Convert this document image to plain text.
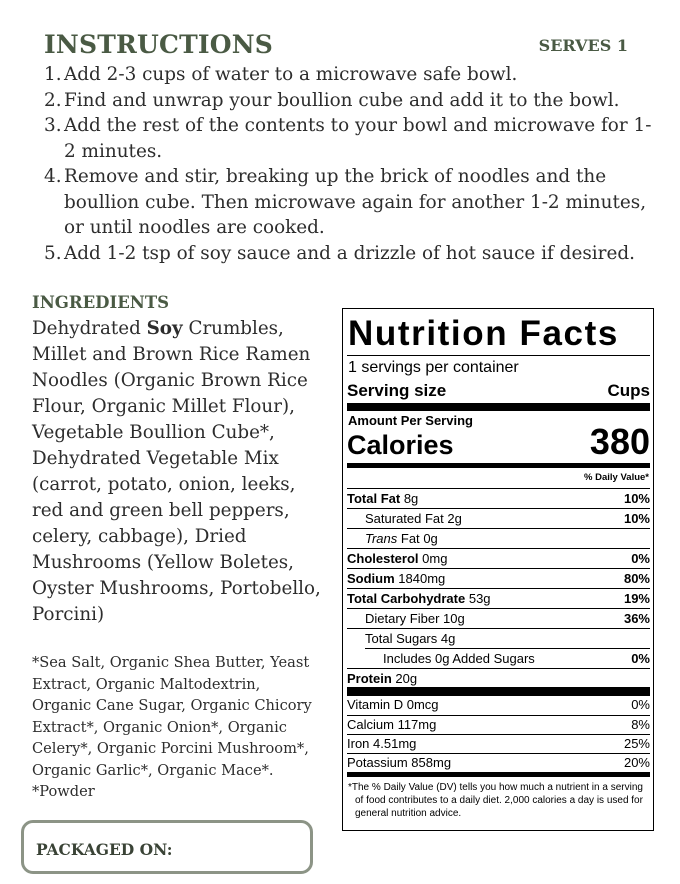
INSTRUCTIONS	SERVES 1
1. Add 2-3 cups of water to a microwave safe bowl.
2. Find and unwrap your boullion cube and add it to the bowl.
3. Add the rest of the contents to your bowl and microwave for 1-2 minutes.
4. Remove and stir, breaking up the brick of noodles and the boullion cube. Then microwave again for another 1-2 minutes, or until noodles are cooked.
5. Add 1-2 tsp of soy sauce and a drizzle of hot sauce if desired.
INGREDIENTS
Dehydrated Soy Crumbles, Millet and Brown Rice Ramen Noodles (Organic Brown Rice Flour, Organic Millet Flour), Vegetable Boullion Cube*, Dehydrated Vegetable Mix (carrot, potato, onion, leeks, red and green bell peppers, celery, cabbage), Dried Mushrooms (Yellow Boletes, Oyster Mushrooms, Portobello, Porcini)
*Sea Salt, Organic Shea Butter, Yeast Extract, Organic Maltodextrin, Organic Cane Sugar, Organic Chicory Extract*, Organic Onion*, Organic Celery*, Organic Porcini Mushroom*, Organic Garlic*, Organic Mace*. *Powder
PACKAGED ON:
Nutrition Facts
1 servings per container
Serving size	Cups
Amount Per Serving
Calories	380
% Daily Value*
Total Fat 8g	10%
Saturated Fat 2g	10%
Trans Fat 0g
Cholesterol 0mg	0%
Sodium 1840mg	80%
Total Carbohydrate 53g	19%
Dietary Fiber 10g	36%
Total Sugars 4g
Includes 0g Added Sugars	0%
Protein 20g
Vitamin D 0mcg	0%
Calcium 117mg	8%
Iron 4.51mg	25%
Potassium 858mg	20%
*The % Daily Value (DV) tells you how much a nutrient in a serving of food contributes to a daily diet. 2,000 calories a day is used for general nutrition advice.
